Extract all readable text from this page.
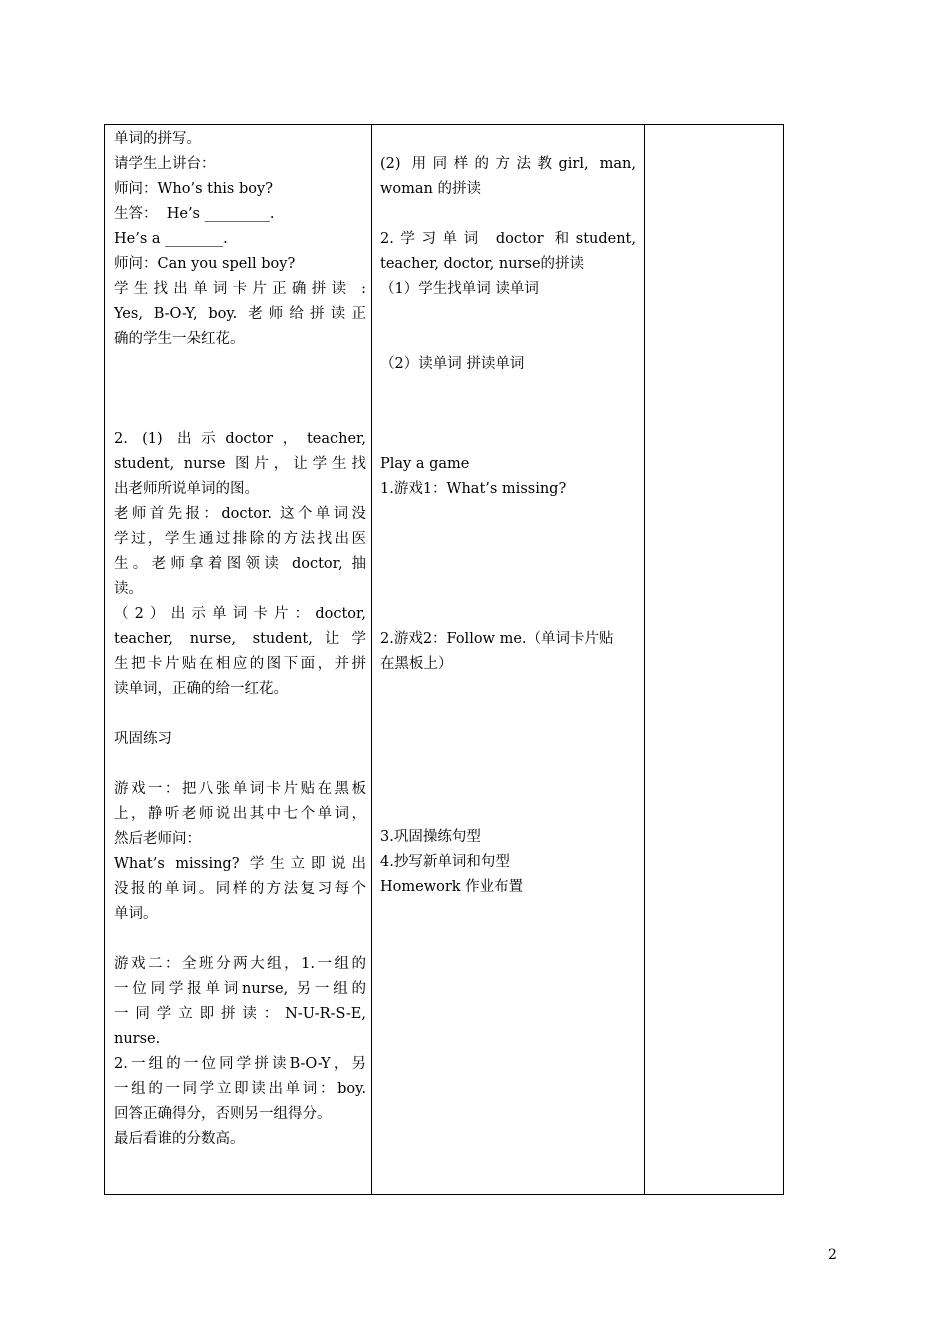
单词的拼写。
请学生上讲台：
师问：Who’s this boy?
生答：  He’s _________.
He’s a ________.
师问：Can you spell boy?
学生找出单词卡片正确拼读 :
Yes, B-O-Y, boy. 老师给拼读正
确的学生一朵红花。
2. (1) 出示doctor，teacher,
student, nurse 图片，让学生找
出老师所说单词的图。
老师首先报：doctor. 这个单词没
学过，学生通过排除的方法找出医
生。老师拿着图领读 doctor, 抽
读。
（2）出示单词卡片：doctor,
teacher, nurse, student,让学
生把卡片贴在相应的图下面，并拼
读单词，正确的给一红花。
巩固练习
游戏一：把八张单词卡片贴在黑板
上，静听老师说出其中七个单词，
然后老师问：
What’s missing? 学生立即说出
没报的单词。同样的方法复习每个
单词。
游戏二：全班分两大组，1.一组的
一位同学报单词nurse, 另一组的
一同学立即拼读：N-U-R-S-E,
nurse.
2.一组的一位同学拼读B-O-Y，另
一组的一同学立即读出单词：boy.
回答正确得分，否则另一组得分。
最后看谁的分数高。
(2) 用同样的方法教girl, man,
woman 的拼读
2.学习单词 doctor 和student,
teacher, doctor, nurse的拼读
（1）学生找单词 读单词
（2）读单词 拼读单词
Play a game
1.游戏1：What’s missing?
2.游戏2：Follow me.（单词卡片贴
在黑板上）
3.巩固操练句型
4.抄写新单词和句型
Homework 作业布置
2
